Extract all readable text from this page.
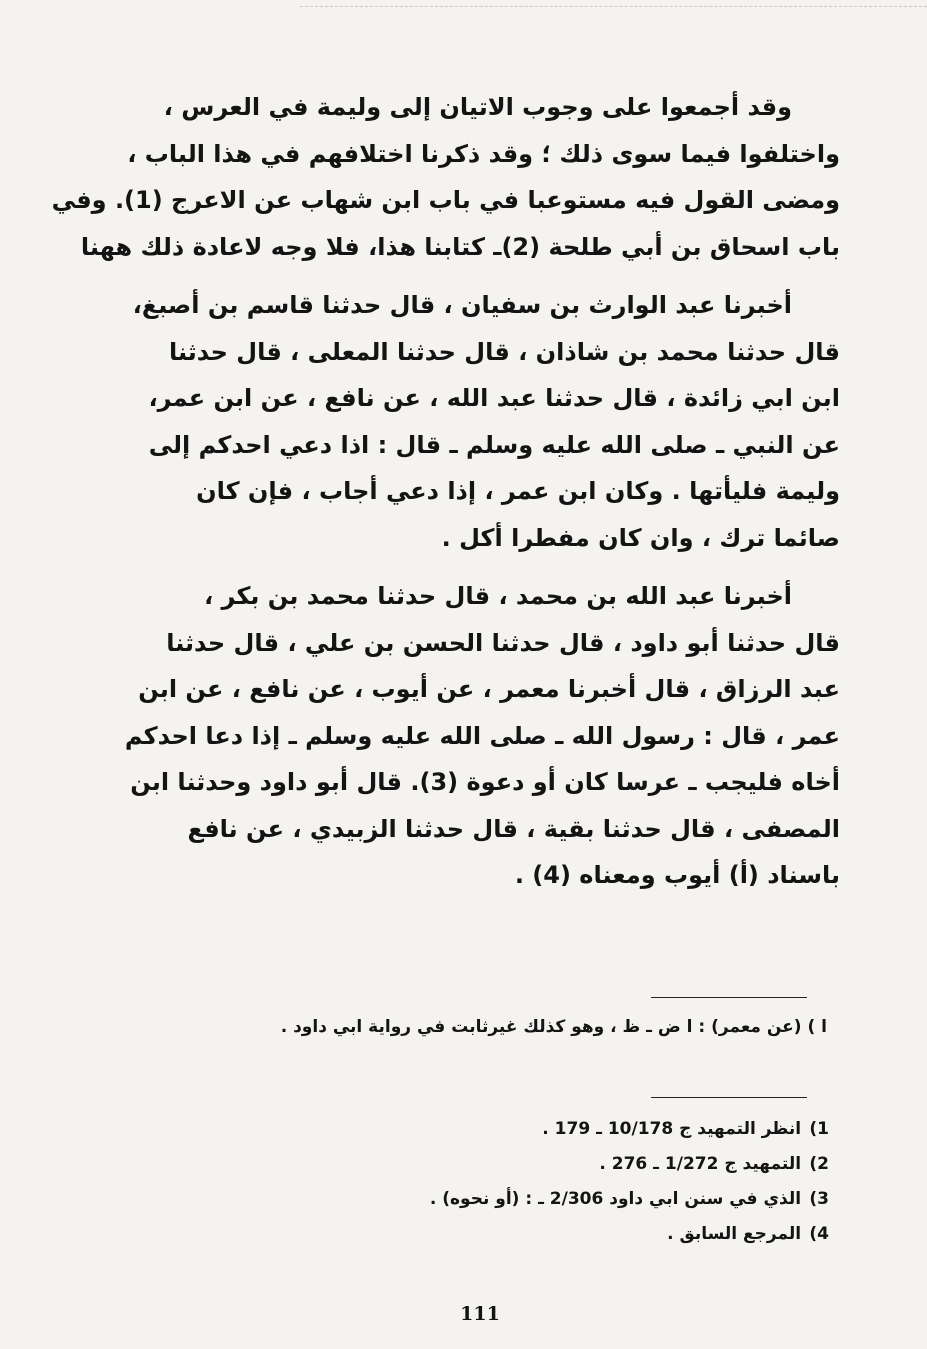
وقد أجمعوا على وجوب الاتيان إلى وليمة في العرس ،
واختلفوا فيما سوى ذلك ؛ وقد ذكرنا اختلافهم في هذا الباب ،
ومضى القول فيه مستوعبا في باب ابن شهاب عن الاعرج (1). وفي
باب اسحاق بن أبي طلحة (2)ـ كتابنا هذا، فلا وجه لاعادة ذلك ههنا

أخبرنا عبد الوارث بن سفيان ، قال حدثنا قاسم بن أصبغ،
قال حدثنا محمد بن شاذان ، قال حدثنا المعلى ، قال حدثنا
ابن ابي زائدة ، قال حدثنا عبد الله ، عن نافع ، عن ابن عمر،
عن النبي ـ صلى الله عليه وسلم ـ قال : اذا دعي احدكم إلى
وليمة فليأتها . وكان ابن عمر ، إذا دعي أجاب ، فإن كان
صائما ترك ، وان كان مفطرا أكل .

أخبرنا عبد الله بن محمد ، قال حدثنا محمد بن بكر ،
قال حدثنا أبو داود ، قال حدثنا الحسن بن علي ، قال حدثنا
عبد الرزاق ، قال أخبرنا معمر ، عن أيوب ، عن نافع ، عن ابن
عمر ، قال : رسول الله ـ صلى الله عليه وسلم ـ إذا دعا احدكم
أخاه فليجب ـ عرسا كان أو دعوة (3). قال أبو داود وحدثنا ابن
المصفى ، قال حدثنا بقية ، قال حدثنا الزبيدي ، عن نافع
باسناد (أ) أيوب ومعناه (4) .

ا ) (عن معمر) : ا ض ـ ظ ، وهو كذلك غيرثابت في رواية ابي داود .
1) انظر التمهيد ج 10/178 ـ 179 .
2) التمهيد ج 1/272 ـ 276 .
3) الذي في سنن ابي داود 2/306 ـ : (أو نحوه) .
4) المرجع السابق .
111
